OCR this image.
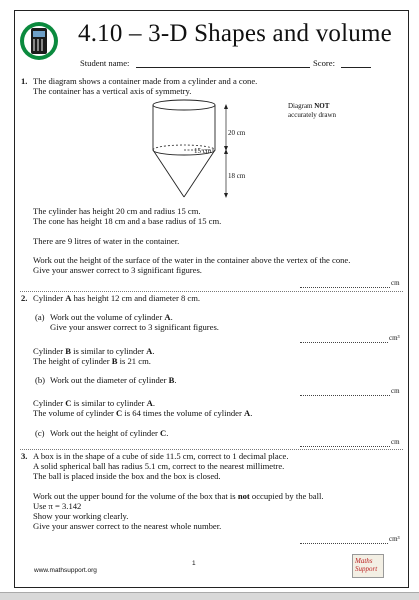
4.10 – 3-D Shapes and volume
Student name:	Score:
1. The diagram shows a container made from a cylinder and a cone.
The container has a vertical axis of symmetry.
Diagram NOT
accurately drawn
20 cm
15 cm
18 cm
The cylinder has height 20 cm and radius 15 cm.
The cone has height 18 cm and a base radius of 15 cm.
There are 9 litres of water in the container.
Work out the height of the surface of the water in the container above the vertex of the cone.
Give your answer correct to 3 significant figures.
cm
2. Cylinder A has height 12 cm and diameter 8 cm.
(a) Work out the volume of cylinder A.
Give your answer correct to 3 significant figures.
cm³
Cylinder B is similar to cylinder A.
The height of cylinder B is 21 cm.
(b) Work out the diameter of cylinder B.
cm
Cylinder C is similar to cylinder A.
The volume of cylinder C is 64 times the volume of cylinder A.
(c) Work out the height of cylinder C.
cm
3. A box is in the shape of a cube of side 11.5 cm, correct to 1 decimal place.
A solid spherical ball has radius 5.1 cm, correct to the nearest millimetre.
The ball is placed inside the box and the box is closed.
Work out the upper bound for the volume of the box that is not occupied by the ball.
Use π = 3.142
Show your working clearly.
Give your answer correct to the nearest whole number.
cm³
www.mathsupport.org
1	Maths Support
